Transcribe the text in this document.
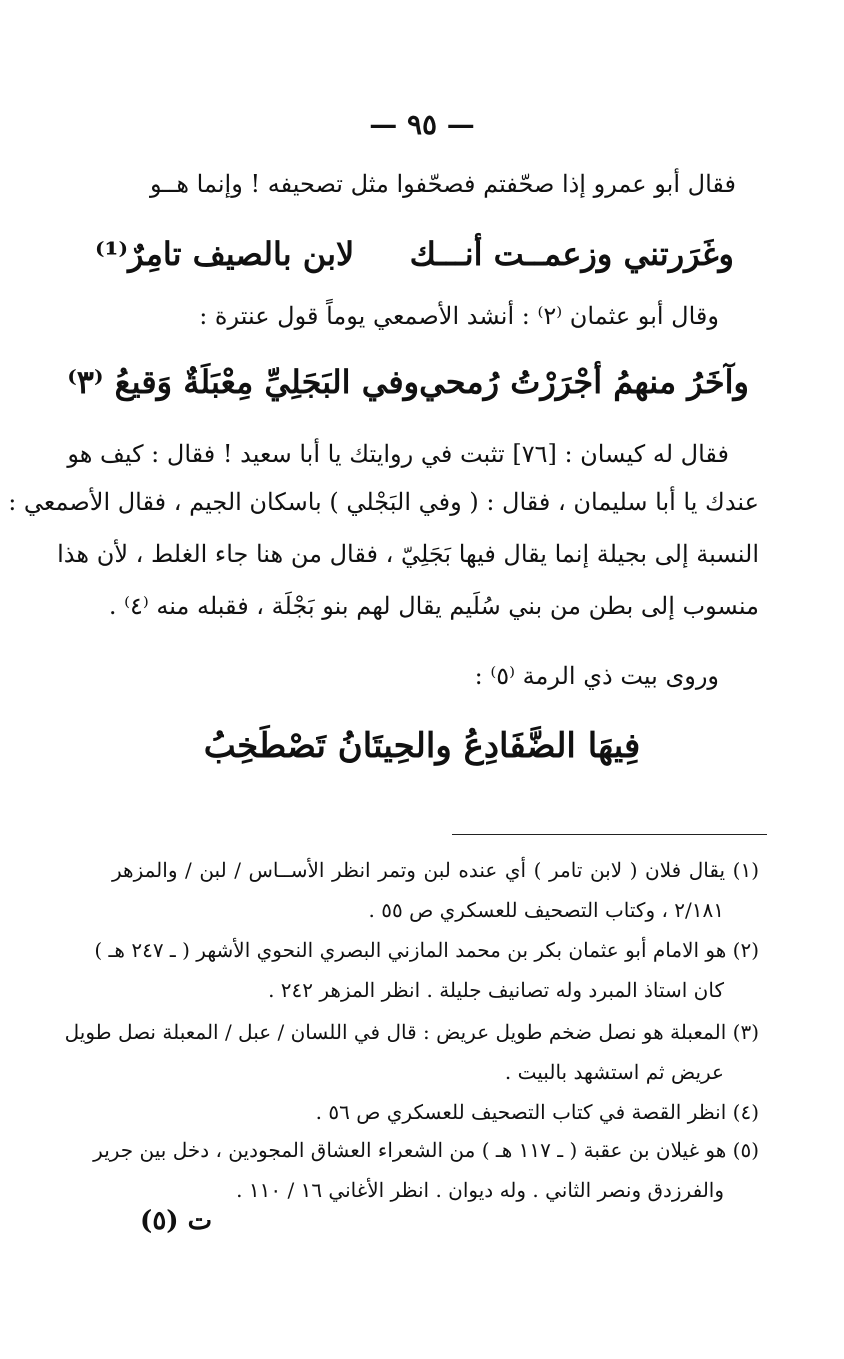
— ٩٥ —
فقال أبو عمرو إذا صحّفتم فصحّفوا مثل تصحيفه ! وإنما هــو
وغَرَرتني وزعمــت أنـــك
لابن بالصيف تامِرٌ⁽¹⁾
وقال أبو عثمان ⁽٢⁾ : أنشد الأصمعي يوماً قول عنترة :
وآخَرُ منهمُ أجْرَرْتُ رُمحي
وفي البَجَلِيِّ مِعْبَلَةٌ وَقيعُ ⁽٣⁾
فقال له كيسان : [٧٦] تثبت في روايتك يا أبا سعيد ! فقال : كيف هو
عندك يا أبا سليمان ، فقال : ( وفي البَجْلي ) باسكان الجيم ، فقال الأصمعي :
النسبة إلى بجيلة إنما يقال فيها بَجَلِيّ ، فقال من هنا جاء الغلط ، لأن هذا
منسوب إلى بطن من بني سُلَيم يقال لهم بنو بَجْلَة ، فقبله منه ⁽٤⁾ .
وروى بيت ذي الرمة ⁽٥⁾ :
فِيهَا الضَّفَادِعُ والحِيتَانُ تَصْطَخِبُ
(١) يقال فلان ( لابن تامر ) أي عنده لبن وتمر انظر الأســاس / لبن / والمزهر
٢/١٨١ ، وكتاب التصحيف للعسكري ص ٥٥ .
(٢) هو الامام أبو عثمان بكر بن محمد المازني البصري النحوي الأشهر ( ـ ٢٤٧ هـ )
كان استاذ المبرد وله تصانيف جليلة . انظر المزهر ٢٤٢ .
(٣) المعبلة هو نصل ضخم طويل عريض : قال في اللسان / عبل / المعبلة نصل طويل
عريض ثم استشهد بالبيت .
(٤) انظر القصة في كتاب التصحيف للعسكري ص ٥٦ .
(٥) هو غيلان بن عقبة ( ـ ١١٧ هـ ) من الشعراء العشاق المجودين ، دخل بين جرير
والفرزدق ونصر الثاني . وله ديوان . انظر الأغاني ١٦ / ١١٠ .
ت (٥)
